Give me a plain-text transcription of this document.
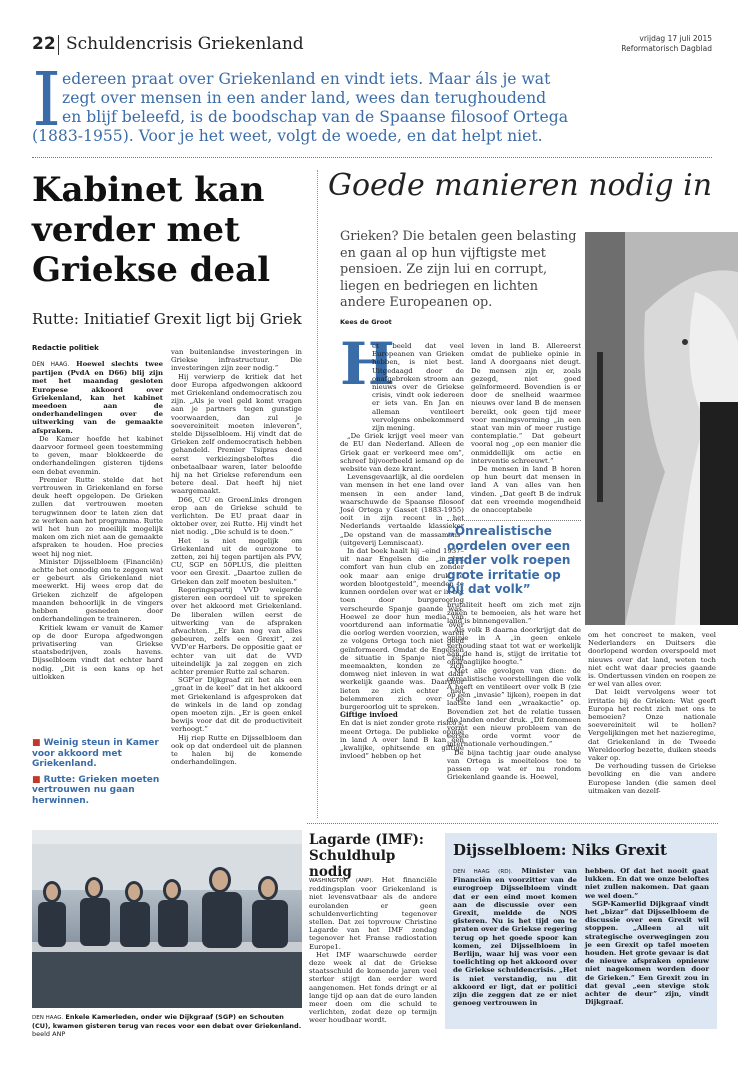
22 Schuldencrisis Griekenland	vrijdag 17 juli 2015
Reformatorisch Dagblad
I edereen praat over Griekenland en vindt iets. Maar áls je wat
zegt over mensen in een ander land, wees dan terughoudend
en blijf beleefd, is de boodschap van de Spaanse filosoof Ortega
(1883-1955). Voor je het weet, volgt de woede, en dat helpt niet.
Kabinet kan
verder met
Griekse deal
Rutte: Initiatief Grexit ligt bij Griek
Redactie politiek

DEN HAAG. Hoewel slechts twee partijen (PvdA en D66) blij zijn met het maandag gesloten Europese akkoord over Griekenland, kan het kabinet meedoen aan de onderhandelingen over de uitwerking van de gemaakte afspraken.

De Kamer hoefde het kabinet daarvoor formeel geen toestemming te geven, maar blokkeerde de onderhandelingen gisteren tijdens een debat evenmin.

Premier Rutte stelde dat het vertrouwen in Griekenland en forse deuk heeft opgelopen. De Grieken zullen dat vertrouwen moeten terugwinnen door te laten zien dat ze werken aan het programma. Rutte wil het hun zo moeilijk mogelijk maken om zich niet aan de gemaakte afspraken te houden. Hoe precies weet hij nog niet.

Minister Dijsselbloem (Financiën) achtte het onnodig om te zeggen wat er gebeurt als Griekenland niet meewerkt. Hij wees erop dat de Grieken zichzelf de afgelopen maanden behoorlijk in de vingers hebben gesneden door onderhandelingen te traineren.

Kritiek kwam er vanuit de Kamer op de door Europa afgedwongen privatisering van Griekse staatsbedrijven, zoals havens. Dijsselbloem vindt dat echter hard nodig. „Dit is een kans op het uitlokken

■ Weinig steun in Kamer voor akkoord met Griekenland.
■ Rutte: Grieken moeten vertrouwen nu gaan herwinnen.

van buitenlandse investeringen in Griekse infrastructuur. Die investeringen zijn zeer nodig.”

Hij verwierp de kritiek dat het door Europa afgedwongen akkoord met Griekenland ondemocratisch zou zijn. „Als je veel geld komt vragen aan je partners tegen gunstige voorwaarden, dan zul je soevereiniteit moeten inleveren”, stelde Dijsselbloem. Hij vindt dat de Grieken zelf ondemocratisch hebben gehandeld. Premier Tsipras deed eerst verkiezingsbeloftes die onbetaalbaar waren, later beloofde hij na het Griekse referendum een betere deal. Dat heeft hij niet waargemaakt.

D66, CU en GroenLinks drongen erop aan de Griekse schuld te verlichten. De EU praat daar in oktober over, zei Rutte. Hij vindt het niet nodig. „Die schuld is te doen.”

Het is niet mogelijk om Griekenland uit de eurozone te zetten, zei hij tegen partijen als PVV, CU, SGP en 50PLUS, die pleitten voor een Grexit. „Daartoe zullen de Grieken dan zelf moeten besluiten.”

Regeringspartij VVD weigerde gisteren een oordeel uit te spreken over het akkoord met Griekenland. De liberalen willen eerst de uitwerking van de afspraken afwachten. „Er kan nog van alles gebeuren, zelfs een Grexit”, zei VVD'er Harbers. De oppositie gaat er echter van uit dat de VVD uiteindelijk ja zal zeggen en zich achter premier Rutte zal scharen.

SGP'er Dijkgraaf zit het als een „graat in de keel” dat in het akkoord met Griekenland is afgesproken dat de winkels in de land op zondag open moeten zijn. „Er is geen enkel bewijs voor dat dit de productiviteit verhoogt.”

Hij riep Rutte en Dijsselbloem dan ook op dat onderdeel uit de plannen te halen bij de komende onderhandelingen.

DEN HAAG. Enkele Kamerleden, onder wie Dijkgraaf (SGP) en Schouten (CU), kwamen gisteren terug van reces voor een debat over Griekenland. beeld ANP
Goede manieren nodig in
Grieken? Die betalen geen belasting en gaan al op hun vijftigste met pensioen. Ze zijn lui en corrupt, liegen en bedriegen en lichten andere Europeanen op.
Kees de Groot
H

et beeld dat veel Europeanen van Grieken hebben, is niet best. Uitgedaagd door de onafgebroken stroom aan nieuws over de Griekse crisis, vindt ook iedereen er iets van. En Jan en alleman ventileert vervolgens onbekommerd zijn mening.

„De Griek krijgt veel meer van de EU dan Nederland. Alleen de Griek gaat er verkeerd mee om”, schreef bijvoorbeeld iemand op de website van deze krant.

Levensgevaarlijk, al die oordelen van mensen in het ene land over mensen in een ander land, waarschuwde de Spaanse filosoof José Ortega y Gasset (1883-1955) ooit in zijn recent in het Nederlands vertaalde klassieker „De opstand van de massamens” (uitgeverij Lemniscaat).

In dat boek haalt hij –eind 1937– uit naar Engelsen die „in het comfort van hun club en zonder ook maar aan enige druk te worden blootgesteld”, meenden te kunnen oordelen over wat er in het toen door burgeroorlog verscheurde Spanje gaande was. Hoewel ze door hun media van voortdurend aan informatie over die oorlog werden voorzien, waren ze volgens Ortega toch niet goed geïnformeerd. Omdat de Engelsen de situatie in Spanje niet zélf meemaakten, konden ze zich domweg niet inleven in wat daar werkelijk gaande was. Daardoor lieten ze zich echter niet belemmeren zich over de burgeroorlog uit te spreken.

Giftige invloed

En dat is niet zonder grote risico's, meent Ortega. De publieke opinie in land A over land B kan een „kwalijke, ophitsende en giftige invloed” hebben op het

leven in land B. Allereerst omdat de publieke opinie in land A doorgaans niet deugt. De mensen zijn er, zoals gezegd, niet goed geïnformeerd. Bovendien is er door de snelheid waarmee nieuws over land B de mensen bereikt, ook geen tijd meer voor meningsvorming „in een staat van min of meer rustige contemplatie.” Dat gebeurt vooral nog „op een manier die onmiddellijk om actie en interventie schreeuwt.”

De mensen in land B horen op hun beurt dat mensen in land A van alles van hen vinden. „Dat geeft B de indruk dat een vreemde mogendheid de onacceptabele

„Onrealistische oordelen over een ander volk roepen grote irritatie op bij dat volk”

brutaliteit heeft om zich met zijn zaken te bemoeien, als het ware het land is binnengevallen.”

Als volk B daarna doorkrijgt dat de opinie in A „in geen enkele verhouding staat tot wat er werkelijk aan de hand is, stijgt de irritatie tot ondraaglijke hoogte.”

Met alle gevolgen van dien: de onrealistische voorstellingen die volk A heeft en ventileert over volk B (zie op één „invasie” lijken), roepen in dat laatste land een „wraakactie” op. Bovendien zet het de relatie tussen die landen onder druk. „Dit fenomeen vormt een nieuw probleem van de eerste orde vormt voor de internationale verhoudingen.”

De bijna tachtig jaar oude analyse van Ortega is moeiteloos toe te passen op wat er nu rondom Griekenland gaande is. Hoewel,

om het concreet te maken, veel Nederlanders en Duitsers die doorlopend worden overspoeld met nieuws over dat land, weten toch niet echt wat daar precies gaande is. Ondertussen vinden en roepen ze er wel van alles over.

Dat leidt vervolgens weer tot irritatie bij de Grieken: Wat geeft Europa het recht zich met ons te bemoeien? Onze nationale soevereiniteit wil te hollen? Vergelijkingen met het nazieregime, dat Griekenland in de Tweede Wereldoorlog bezette, duiken steeds vaker op.

De verhouding tussen de Griekse bevolking en die van andere Europese landen (die samen deel uitmaken van dezelf-

Lagarde (IMF):
Schuldhulp nodig

WASHINGTON (ANP). Het financiële reddingsplan voor Griekenland is niet levensvatbaar als de andere eurolanden er geen schuldenverlichting tegenover stellen. Dat zei topvrouw Christine Lagarde van het IMF zondag tegenover het Franse radiostation Europe1.

Het IMF waarschuwde eerder deze week al dat de Griekse staatsschuld de komende jaren veel sterker stijgt dan eerder werd aangenomen. Het fonds dringt er al lange tijd op aan dat de euro landen meer doen om die schuld te verlichten, zodat deze op termijn weer houdbaar wordt.

Dijsselbloem: Niks Grexit

DEN HAAG (RD). Minister van Financiën en voorzitter van de eurogroep Dijsselbloem vindt dat er een eind moet komen aan de discussie over een Grexit, meldde de NOS gisteren. Nu is het tijd om te praten over de Griekse regering terug op het goede spoor kan komen, zei Dijsselbloem in Berlijn, waar hij was voor een toelichting op het akkoord over de Griekse schuldencrisis. „Het is niet verstandig, nu dit akkoord er ligt, dat er politici zijn die zeggen dat ze er niet genoeg vertrouwen in

hebben. Of dat het nooit gaat lukken. En dat we onze beloftes niet zullen nakomen. Dat gaan we wel doen.”

SGP-Kamerlid Dijkgraaf vindt het „bizar” dat Dijsselbloem de discussie over een Grexit wil stoppen. „Alleen al uit strategische overwegingen zou je een Grexit op tafel moeten houden. Het grote gevaar is dat de nieuwe afspraken opnieuw niet nagekomen worden door de Grieken.” Een Grexit zou in dat geval „een stevige stok achter de deur” zijn, vindt Dijkgraaf.
